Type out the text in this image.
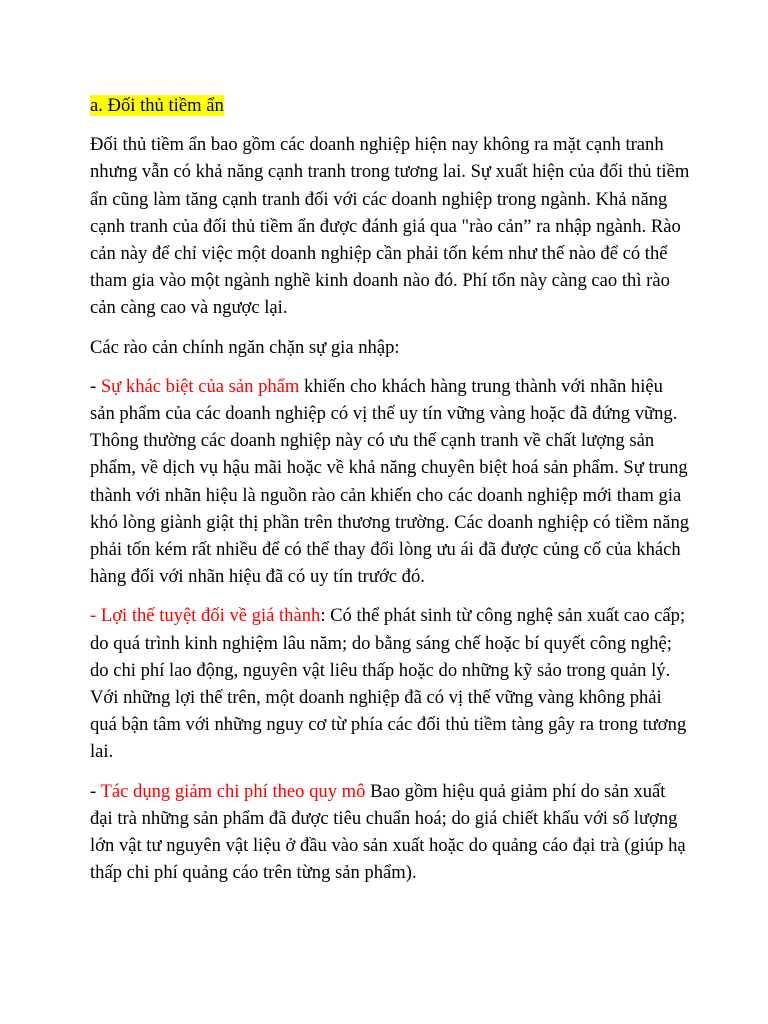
a. Đối thủ tiềm ẩn

Đối thủ tiềm ẩn bao gồm các doanh nghiệp hiện nay không ra mặt cạnh tranh nhưng vẫn có khả năng cạnh tranh trong tương lai. Sự xuất hiện của đối thủ tiềm ẩn cũng làm tăng cạnh tranh đối với các doanh nghiệp trong ngành. Khả năng cạnh tranh của đối thủ tiềm ẩn được đánh giá qua "rào cản” ra nhập ngành. Rào cản này để chỉ việc một doanh nghiệp cần phải tốn kém như thế nào để có thể tham gia vào một ngành nghề kinh doanh nào đó. Phí tổn này càng cao thì rào cản càng cao và ngược lại.

Các rào cản chính ngăn chặn sự gia nhập:

- Sự khác biệt của sản phẩm khiến cho khách hàng trung thành với nhãn hiệu sản phẩm của các doanh nghiệp có vị thế uy tín vững vàng hoặc đã đứng vững. Thông thường các doanh nghiệp này có ưu thế cạnh tranh về chất lượng sản phẩm, về dịch vụ hậu mãi hoặc về khả năng chuyên biệt hoá sản phẩm. Sự trung thành với nhãn hiệu là nguồn rào cản khiến cho các doanh nghiệp mới tham gia khó lòng giành giật thị phần trên thương trường. Các doanh nghiệp có tiềm năng phải tốn kém rất nhiều để có thể thay đổi lòng ưu ái đã được củng cố của khách hàng đối với nhãn hiệu đã có uy tín trước đó.

- Lợi thế tuyệt đối về giá thành: Có thể phát sinh từ công nghệ sản xuất cao cấp; do quá trình kinh nghiệm lâu năm; do bằng sáng chế hoặc bí quyết công nghệ; do chi phí lao động, nguyên vật liêu thấp hoặc do những kỹ sảo trong quản lý. Với những lợi thế trên, một doanh nghiệp đã có vị thế vững vàng không phải quá bận tâm với những nguy cơ từ phía các đối thủ tiềm tàng gây ra trong tương lai.

- Tác dụng giảm chi phí theo quy mô Bao gồm hiệu quả giảm phí do sản xuất đại trà những sản phẩm đã được tiêu chuẩn hoá; do giá chiết khấu với số lượng lớn vật tư nguyên vật liệu ở đầu vào sản xuất hoặc do quảng cáo đại trà (giúp hạ thấp chi phí quảng cáo trên từng sản phẩm).
